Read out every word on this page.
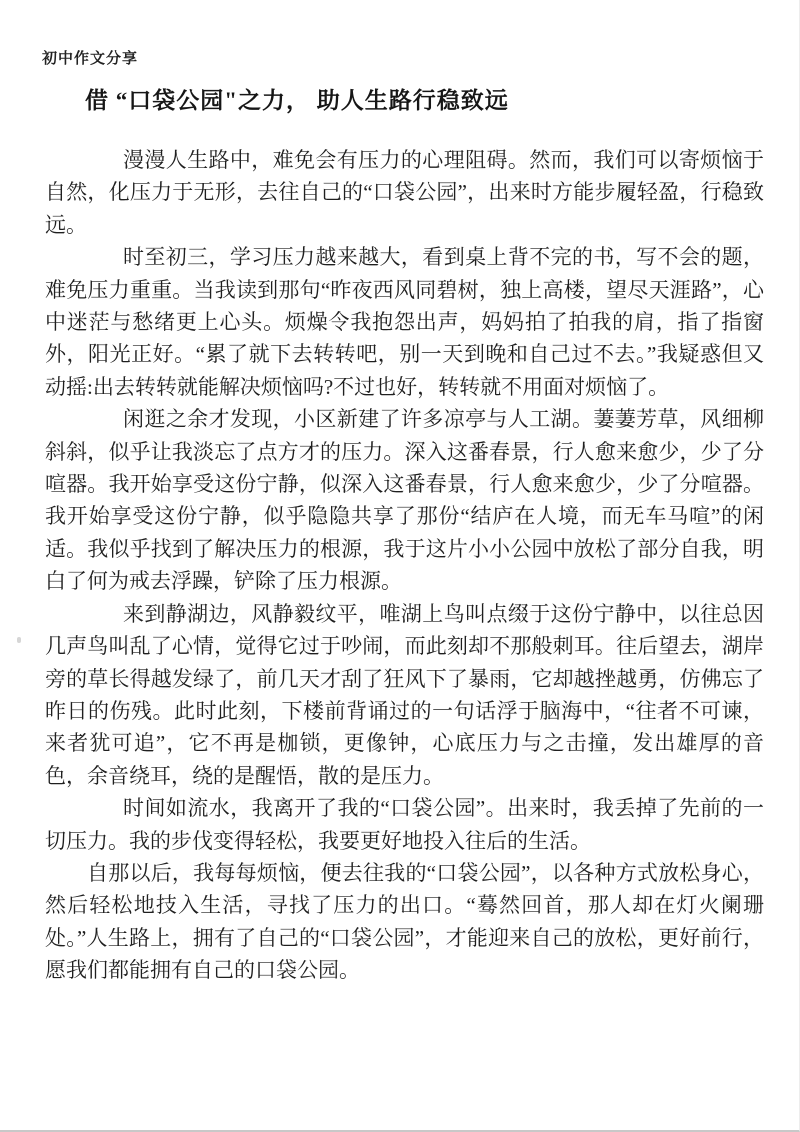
初中作文分享
借 “口袋公园"之力， 助人生路行稳致远

漫漫人生路中，难免会有压力的心理阻碍。然而，我们可以寄烦恼于自然，化压力于无形，去往自己的“口袋公园”，出来时方能步履轻盈，行稳致远。

时至初三，学习压力越来越大，看到桌上背不完的书，写不会的题，难免压力重重。当我读到那句“昨夜西风同碧树，独上高楼，望尽天涯路”，心中迷茫与愁绪更上心头。烦燥令我抱怨出声，妈妈拍了拍我的肩，指了指窗外，阳光正好。“累了就下去转转吧，别一天到晚和自己过不去。”我疑惑但又动摇:出去转转就能解决烦恼吗?不过也好，转转就不用面对烦恼了。

闲逛之余才发现，小区新建了许多凉亭与人工湖。萋萋芳草，风细柳斜斜，似乎让我淡忘了点方才的压力。深入这番春景，行人愈来愈少，少了分喧器。我开始享受这份宁静，似深入这番春景，行人愈来愈少，少了分喧器。我开始享受这份宁静，似乎隐隐共享了那份“结庐在人境，而无车马喧”的闲适。我似乎找到了解决压力的根源，我于这片小小公园中放松了部分自我，明白了何为戒去浮躁，铲除了压力根源。

来到静湖边，风静毅纹平，唯湖上鸟叫点缀于这份宁静中，以往总因几声鸟叫乱了心情，觉得它过于吵闹，而此刻却不那般刺耳。往后望去，湖岸旁的草长得越发绿了，前几天才刮了狂风下了暴雨，它却越挫越勇，仿佛忘了昨日的伤残。此时此刻，下楼前背诵过的一句话浮于脑海中，“往者不可谏，来者犹可追”，它不再是枷锁，更像钟，心底压力与之击撞，发出雄厚的音色，余音绕耳，绕的是醒悟，散的是压力。

时间如流水，我离开了我的“口袋公园”。出来时，我丢掉了先前的一切压力。我的步伐变得轻松，我要更好地投入往后的生活。

自那以后，我每每烦恼，便去往我的“口袋公园”，以各种方式放松身心，然后轻松地技入生活，寻找了压力的出口。“蓦然回首，那人却在灯火阑珊处。”人生路上，拥有了自己的“口袋公园”，才能迎来自己的放松，更好前行，愿我们都能拥有自己的口袋公园。
